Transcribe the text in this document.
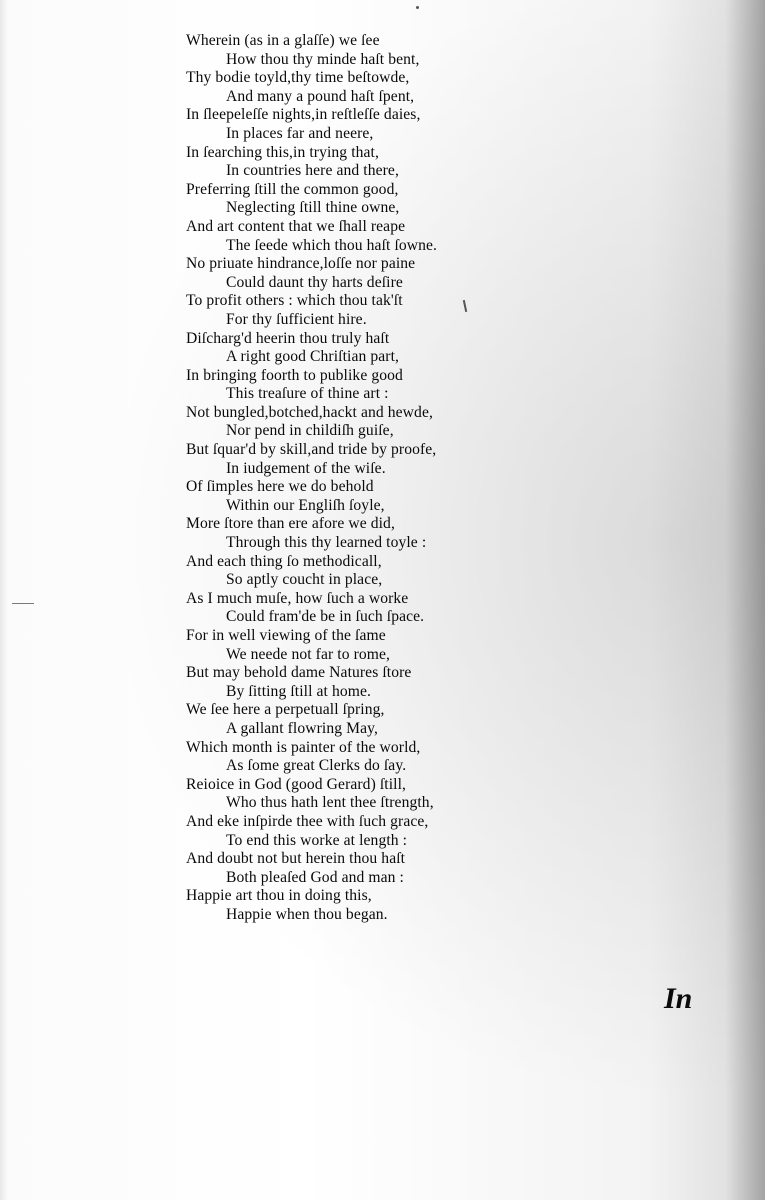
Wherein (as in a glaſſe) we ſee
How thou thy minde haſt bent,
Thy bodie toyld,thy time beſtowde,
And many a pound haſt ſpent,
In ſleepeleſſe nights,in reſtleſſe daies,
In places far and neere,
In ſearching this,in trying that,
In countries here and there,
Preferring ſtill the common good,
Neglecting ſtill thine owne,
And art content that we ſhall reape
The ſeede which thou haſt ſowne.
No priuate hindrance,loſſe nor paine
Could daunt thy harts deſire
To profit others : which thou tak'ſt
For thy ſufficient hire.
Diſcharg'd heerin thou truly haſt
A right good Chriſtian part,
In bringing foorth to publike good
This treaſure of thine art :
Not bungled,botched,hackt and hewde,
Nor pend in childiſh guiſe,
But ſquar'd by skill,and tride by proofe,
In iudgement of the wiſe.
Of ſimples here we do behold
Within our Engliſh ſoyle,
More ſtore than ere afore we did,
Through this thy learned toyle :
And each thing ſo methodicall,
So aptly coucht in place,
As I much muſe, how ſuch a worke
Could fram'de be in ſuch ſpace.
For in well viewing of the ſame
We neede not far to rome,
But may behold dame Natures ſtore
By ſitting ſtill at home.
We ſee here a perpetuall ſpring,
A gallant flowring May,
Which month is painter of the world,
As ſome great Clerks do ſay.
Reioice in God (good Gerard) ſtill,
Who thus hath lent thee ſtrength,
And eke inſpirde thee with ſuch grace,
To end this worke at length :
And doubt not but herein thou haſt
Both pleaſed God and man :
Happie art thou in doing this,
Happie when thou began.
In
